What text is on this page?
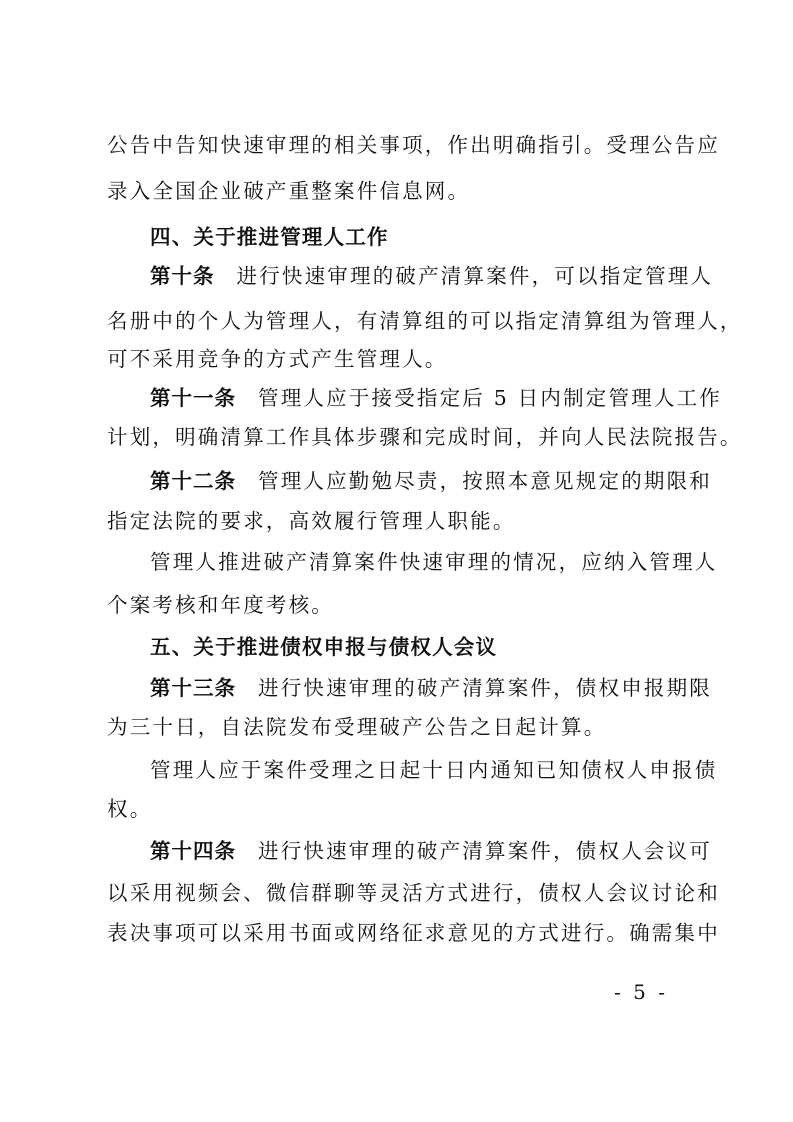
公告中告知快速审理的相关事项，作出明确指引。受理公告应
录入全国企业破产重整案件信息网。
四、关于推进管理人工作
第十条 进行快速审理的破产清算案件，可以指定管理人
名册中的个人为管理人，有清算组的可以指定清算组为管理人，
可不采用竞争的方式产生管理人。
第十一条 管理人应于接受指定后 5 日内制定管理人工作
计划，明确清算工作具体步骤和完成时间，并向人民法院报告。
第十二条 管理人应勤勉尽责，按照本意见规定的期限和
指定法院的要求，高效履行管理人职能。
管理人推进破产清算案件快速审理的情况，应纳入管理人
个案考核和年度考核。
五、关于推进债权申报与债权人会议
第十三条 进行快速审理的破产清算案件，债权申报期限
为三十日，自法院发布受理破产公告之日起计算。
管理人应于案件受理之日起十日内通知已知债权人申报债
权。
第十四条 进行快速审理的破产清算案件，债权人会议可
以采用视频会、微信群聊等灵活方式进行，债权人会议讨论和
表决事项可以采用书面或网络征求意见的方式进行。确需集中
- 5 -
